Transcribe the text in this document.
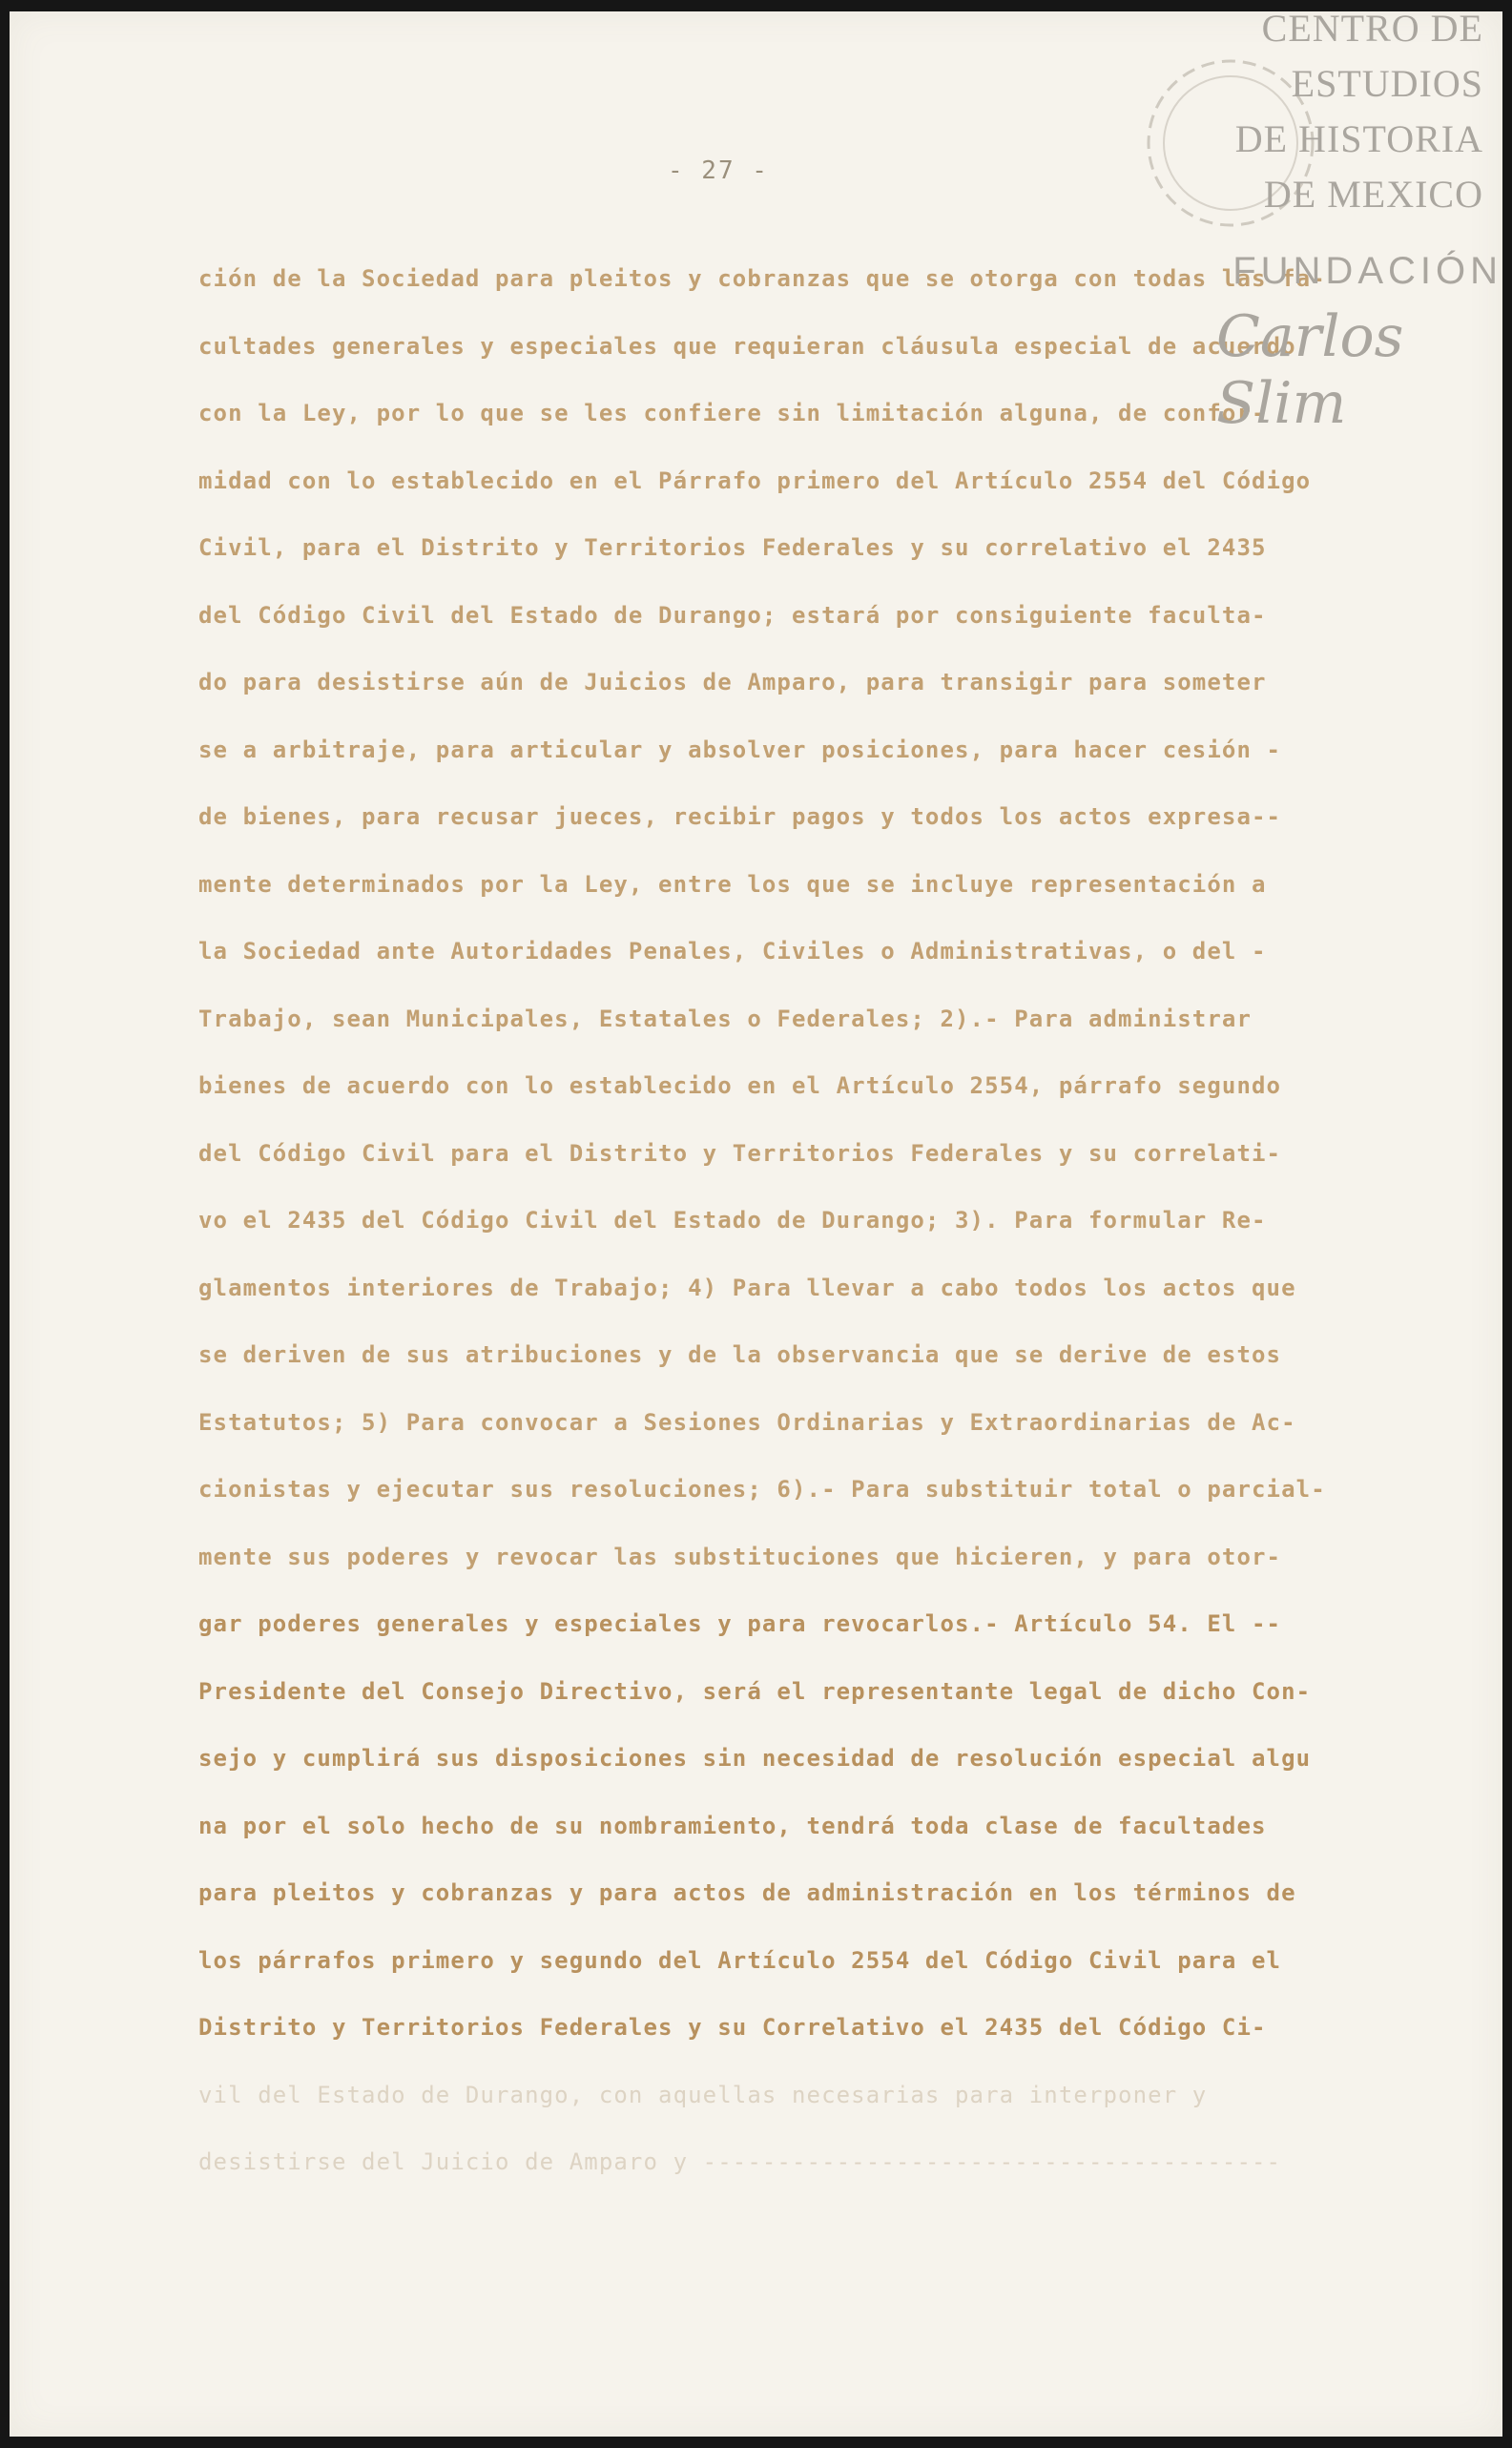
- 27 -
ción de la Sociedad para pleitos y cobranzas que se otorga con todas las fa-
cultades generales y especiales que requieran cláusula especial de acuerdo
con la Ley, por lo que se les confiere sin limitación alguna, de confor-
midad con lo establecido en el Párrafo primero del Artículo 2554 del Código
Civil, para el Distrito y Territorios Federales y su correlativo el 2435
del Código Civil del Estado de Durango; estará por consiguiente faculta-
do para desistirse aún de Juicios de Amparo, para transigir para someter
se a arbitraje, para articular y absolver posiciones, para hacer cesión -
de bienes, para recusar jueces, recibir pagos y todos los actos expresa--
mente determinados por la Ley, entre los que se incluye representación a
la Sociedad ante Autoridades Penales, Civiles o Administrativas, o del -
Trabajo, sean Municipales, Estatales o Federales; 2).- Para administrar
bienes de acuerdo con lo establecido en el Artículo 2554, párrafo segundo
del Código Civil para el Distrito y Territorios Federales y su correlati-
vo el 2435 del Código Civil del Estado de Durango; 3). Para formular Re-
glamentos interiores de Trabajo; 4) Para llevar a cabo todos los actos que
se deriven de sus atribuciones y de la observancia que se derive de estos
Estatutos; 5) Para convocar a Sesiones Ordinarias y Extraordinarias de Ac-
cionistas y ejecutar sus resoluciones; 6).- Para substituir total o parcial-
mente sus poderes y revocar las substituciones que hicieren, y para otor-
gar poderes generales y especiales y para revocarlos.- Artículo 54. El --
Presidente del Consejo Directivo, será el representante legal de dicho Con-
sejo y cumplirá sus disposiciones sin necesidad de resolución especial algu
na por el solo hecho de su nombramiento, tendrá toda clase de facultades
para pleitos y cobranzas y para actos de administración en los términos de
los párrafos primero y segundo del Artículo 2554 del Código Civil para el
Distrito y Territorios Federales y su Correlativo el 2435 del Código Ci-
vil del Estado de Durango, con aquellas necesarias para interponer y
desistirse del Juicio de Amparo y ---------------------------------------
CENTRO DE
ESTUDIOS
DE HISTORIA
DE MEXICO
FUNDACIÓN
Carlos Slim
